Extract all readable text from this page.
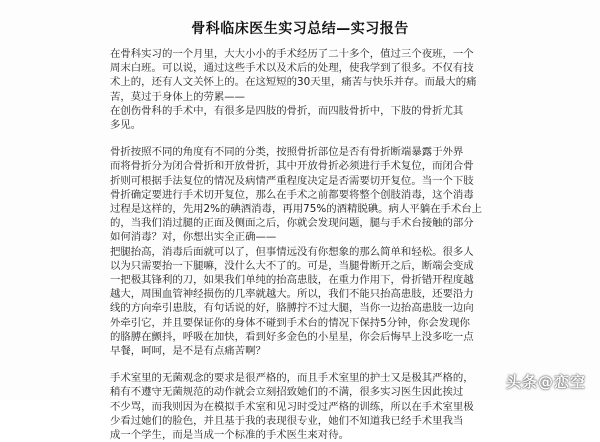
骨科临床医生实习总结—实习报告

在骨科实习的一个月里，大大小小的手术经历了二十多个，值过三个夜班，一个

周末白班。可以说，通过这些手术以及术后的处理，使我学到了很多。不仅有技

术上的，还有人文关怀上的。在这短短的30天里，痛苦与快乐并存。而最大的痛

苦，莫过于身体上的劳累——

在创伤骨科的手术中，有很多是四肢的骨折，而四肢骨折中，下肢的骨折尤其

多见。

骨折按照不同的角度有不同的分类，按照骨折部位是否有骨折断端暴露于外界

而将骨折分为闭合骨折和开放骨折，其中开放骨折必须进行手术复位，而闭合骨

折则可根据手法复位的情况及病情严重程度决定是否需要切开复位。当一个下肢

骨折确定要进行手术切开复位，那么在手术之前都要将整个创肢消毒，这个消毒

过程是这样的，先用2%的碘酒消毒，再用75%的酒精脱碘。病人平躺在手术台上

的，当我们消过腿的正面及侧面之后，你就会发现问题，腿与手术台接触的部分

如何消毒？对，你想出实全正确——

把腿抬高，消毒后面就可以了，但事情远没有你想象的那么简单和轻松。很多人

以为只需要抬一下腿嘛，没什么大不了的。可是，当腿骨断开之后，断端会变成

一把极其锋利的刀，如果我们单纯的抬高患肢，在重力作用下，骨折错开程度越

越大，周围血管神经损伤的几率就越大。所以，我们不能只抬高患肢，还要沿力

线的方向牵引患肢，有句话说的好，胳膊拧不过大腿，当你一边抬高患肢一边向

外牵引它，并且要保证你的身体不碰到手术台的情况下保持5分钟，你会发现你

的胳膊在颤抖，呼吸在加快，看到好多金色的小星星，你会后悔早上没多吃一点

早餐，呵呵，是不是有点痛苦啊？

手术室里的无菌观念的要求是很严格的，而且手术室里的护士又是极其严格的，

稍有不遵守无菌规范的动作就会立刻招致她们的不满，很多实习医生因此挨过

不少骂，而我则因为在模拟手术室和见习时受过严格的训练，所以在手术室里极

少看过她们的脸色，并且基于我的表现很专业，她们不知道我已经手术里我当

成一个学生，而是当成一个标准的手术医生来对待。

头条@恋空
